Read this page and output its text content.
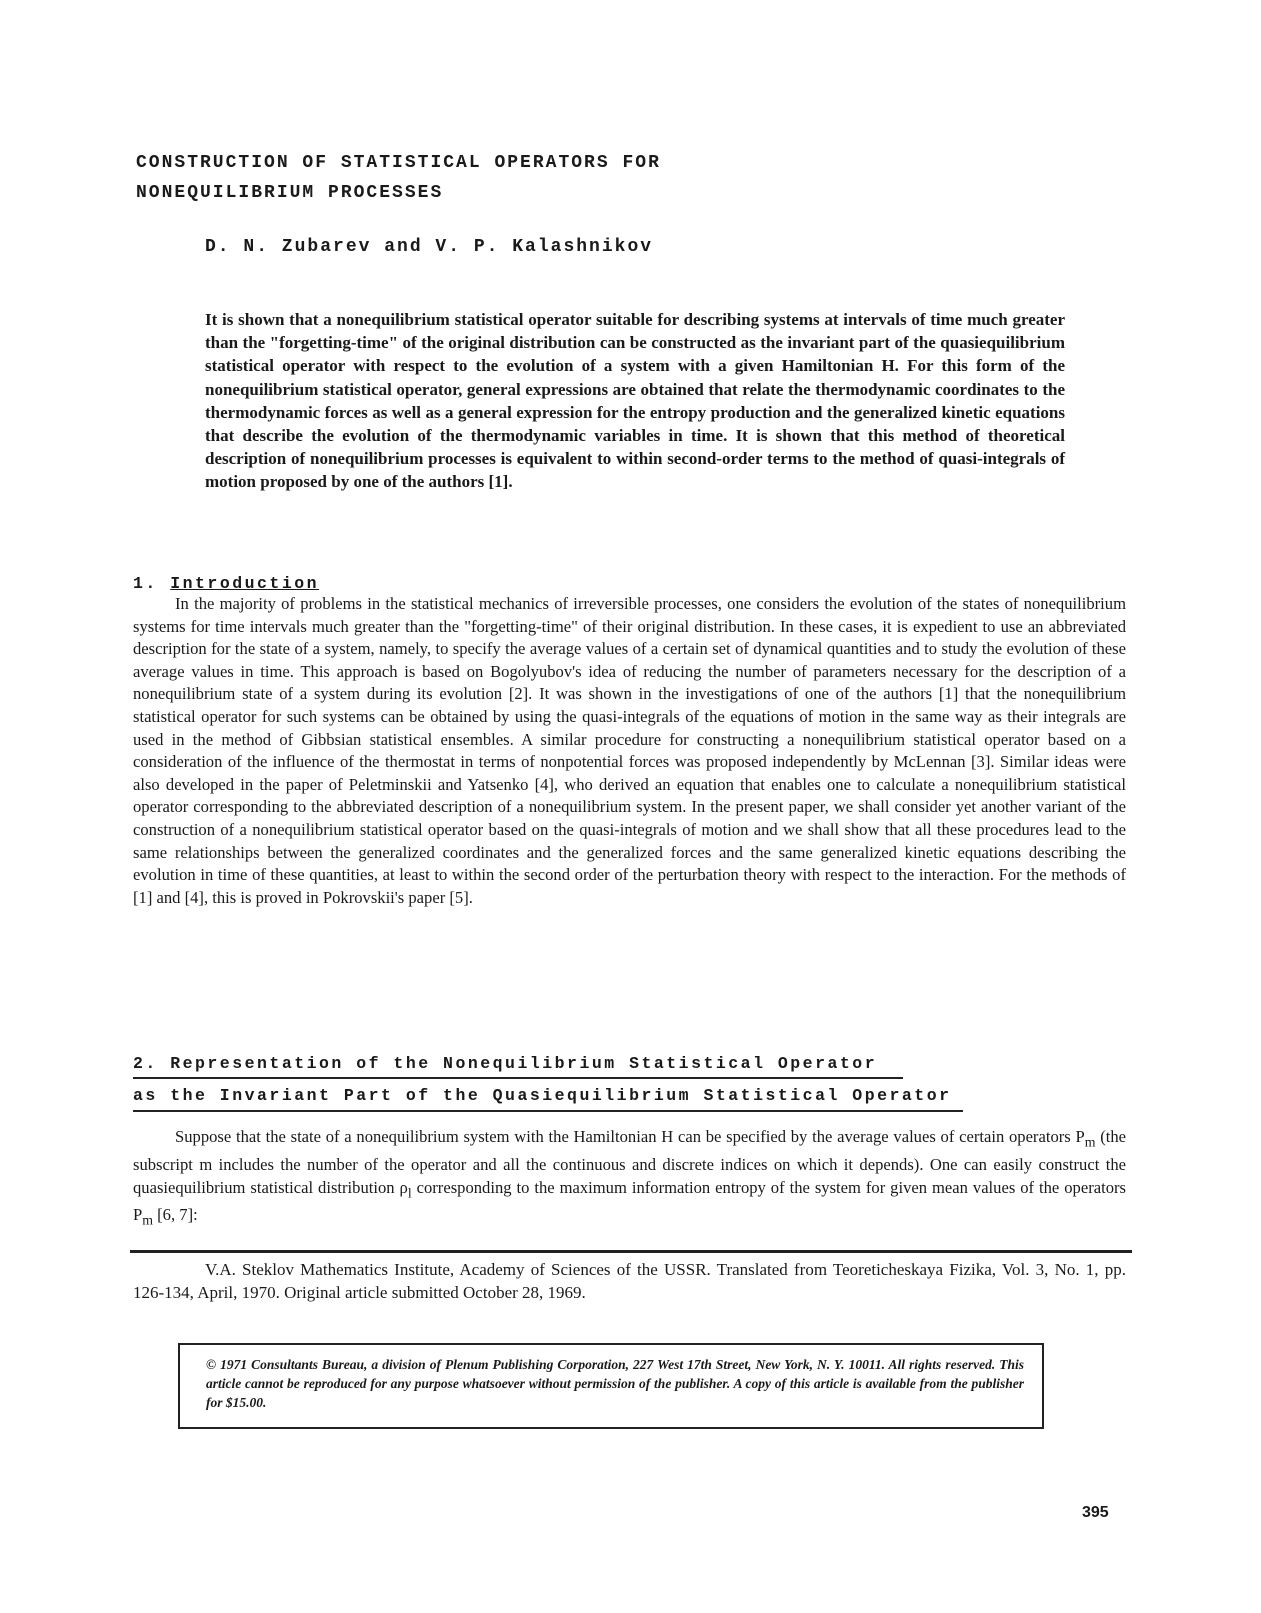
CONSTRUCTION OF STATISTICAL OPERATORS FOR
NONEQUILIBRIUM PROCESSES
D. N. Zubarev and V. P. Kalashnikov
It is shown that a nonequilibrium statistical operator suitable for describing systems at intervals of time much greater than the "forgetting-time" of the original distribution can be constructed as the invariant part of the quasiequilibrium statistical operator with respect to the evolution of a system with a given Hamiltonian H. For this form of the nonequilibrium statistical operator, general expressions are obtained that relate the thermodynamic coordinates to the thermodynamic forces as well as a general expression for the entropy production and the generalized kinetic equations that describe the evolution of the thermodynamic variables in time. It is shown that this method of theoretical description of nonequilibrium processes is equivalent to within second-order terms to the method of quasi-integrals of motion proposed by one of the authors [1].
1. Introduction

In the majority of problems in the statistical mechanics of irreversible processes, one considers the evolution of the states of nonequilibrium systems for time intervals much greater than the "forgetting-time" of their original distribution. In these cases, it is expedient to use an abbreviated description for the state of a system, namely, to specify the average values of a certain set of dynamical quantities and to study the evolution of these average values in time. This approach is based on Bogolyubov's idea of reducing the number of parameters necessary for the description of a nonequilibrium state of a system during its evolution [2]. It was shown in the investigations of one of the authors [1] that the nonequilibrium statistical operator for such systems can be obtained by using the quasi-integrals of the equations of motion in the same way as their integrals are used in the method of Gibbsian statistical ensembles. A similar procedure for constructing a nonequilibrium statistical operator based on a consideration of the influence of the thermostat in terms of nonpotential forces was proposed independently by McLennan [3]. Similar ideas were also developed in the paper of Peletminskii and Yatsenko [4], who derived an equation that enables one to calculate a nonequilibrium statistical operator corresponding to the abbreviated description of a nonequilibrium system. In the present paper, we shall consider yet another variant of the construction of a nonequilibrium statistical operator based on the quasi-integrals of motion and we shall show that all these procedures lead to the same relationships between the generalized coordinates and the generalized forces and the same generalized kinetic equations describing the evolution in time of these quantities, at least to within the second order of the perturbation theory with respect to the interaction. For the methods of [1] and [4], this is proved in Pokrovskii's paper [5].

2. Representation of the Nonequilibrium Statistical Operator
as the Invariant Part of the Quasiequilibrium Statistical Operator

Suppose that the state of a nonequilibrium system with the Hamiltonian H can be specified by the average values of certain operators $P_m$ (the subscript m includes the number of the operator and all the continuous and discrete indices on which it depends). One can easily construct the quasiequilibrium statistical distribution $\rho_l$ corresponding to the maximum information entropy of the system for given mean values of the operators $P_m$ [6, 7]:

V.A. Steklov Mathematics Institute, Academy of Sciences of the USSR. Translated from Teoreticheskaya Fizika, Vol. 3, No. 1, pp. 126-134, April, 1970. Original article submitted October 28, 1969.
© 1971 Consultants Bureau, a division of Plenum Publishing Corporation, 227 West 17th Street, New York, N. Y. 10011. All rights reserved. This article cannot be reproduced for any purpose whatsoever without permission of the publisher. A copy of this article is available from the publisher for $15.00.
395
